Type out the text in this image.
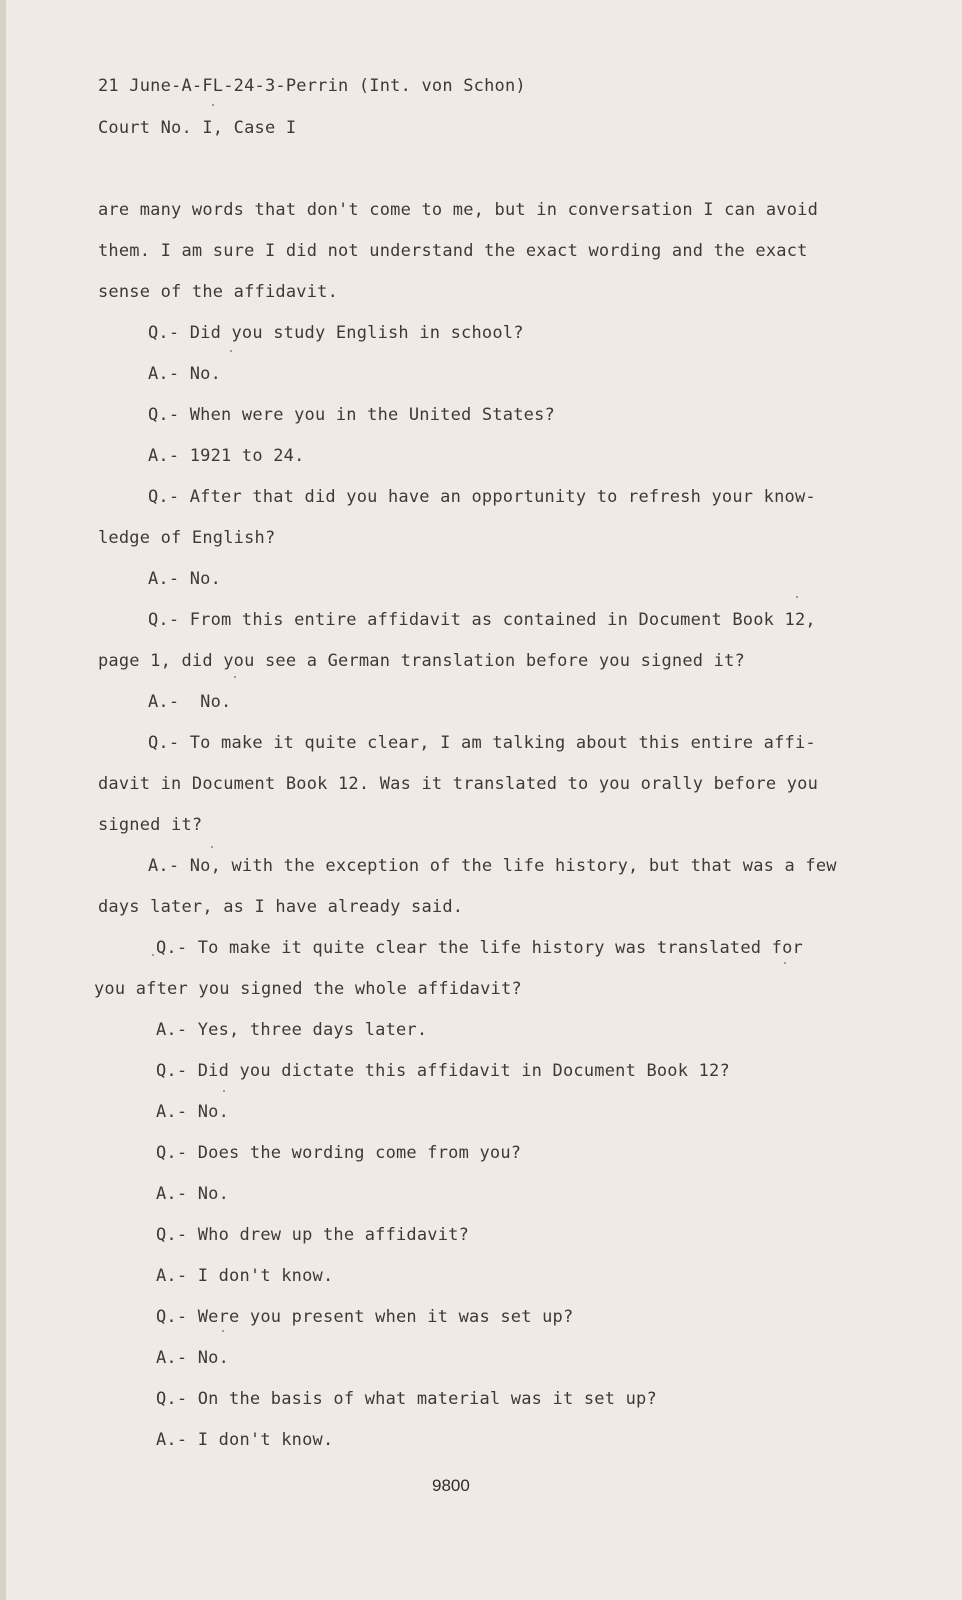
21 June-A-FL-24-3-Perrin (Int. von Schon)
Court No. I, Case I
are many words that don't come to me, but in conversation I can avoid
them. I am sure I did not understand the exact wording and the exact
sense of the affidavit.
Q.- Did you study English in school?
A.- No.
Q.- When were you in the United States?
A.- 1921 to 24.
Q.- After that did you have an opportunity to refresh your know-
ledge of English?
A.- No.
Q.- From this entire affidavit as contained in Document Book 12,
page 1, did you see a German translation before you signed it?
A.-  No.
Q.- To make it quite clear, I am talking about this entire affi-
davit in Document Book 12. Was it translated to you orally before you
signed it?
A.- No, with the exception of the life history, but that was a few
days later, as I have already said.
Q.- To make it quite clear the life history was translated for
you after you signed the whole affidavit?
A.- Yes, three days later.
Q.- Did you dictate this affidavit in Document Book 12?
A.- No.
Q.- Does the wording come from you?
A.- No.
Q.- Who drew up the affidavit?
A.- I don't know.
Q.- Were you present when it was set up?
A.- No.
Q.- On the basis of what material was it set up?
A.- I don't know.
9800
